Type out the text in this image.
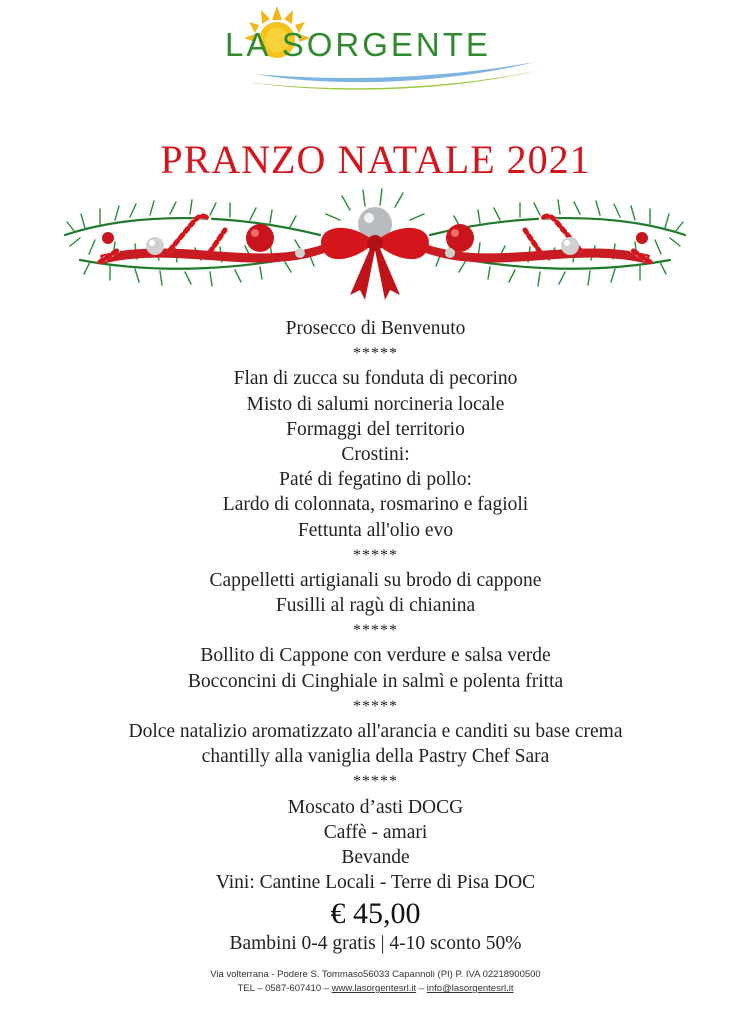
LA SORGENTE
PRANZO NATALE 2021
Prosecco di Benvenuto
*****
Flan di zucca su fonduta di pecorino
Misto di salumi norcineria locale
Formaggi del territorio
Crostini:
Paté di fegatino di pollo:
Lardo di colonnata, rosmarino e fagioli
Fettunta all'olio evo
*****
Cappelletti artigianali su brodo di cappone
Fusilli al ragù di chianina
*****
Bollito di Cappone con verdure e salsa verde
Bocconcini di Cinghiale in salmì e polenta fritta
*****
Dolce natalizio aromatizzato all'arancia e canditi su base crema
chantilly alla vaniglia della Pastry Chef Sara
*****
Moscato d’asti DOCG
Caffè - amari
Bevande
Vini: Cantine Locali - Terre di Pisa DOC
€ 45,00
Bambini 0-4 gratis | 4-10 sconto 50%
Via volterrana - Podere S. Tommaso56033 Capannoli (PI) P. IVA 02218900500
TEL – 0587-607410 – www.lasorgentesrl.it – info@lasorgentesrl.it
